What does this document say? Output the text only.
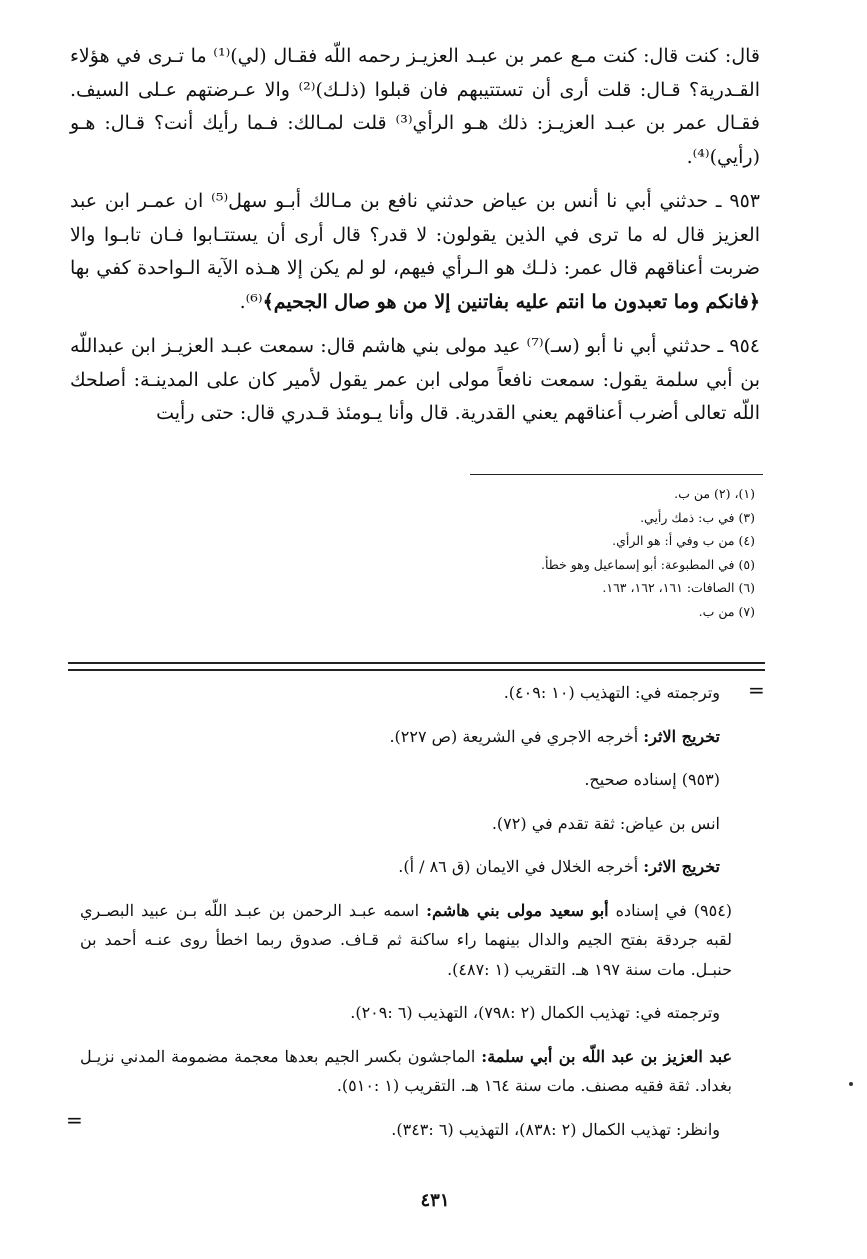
قال: كنت قال: كنت مـع عمر بن عبـد العزيـز رحمه اللّه فقـال (لي)⁽¹⁾ ما تـرى في هؤلاء القـدرية؟ قـال: قلت أرى أن تستتيبهم فان قبلوا (ذلـك)⁽²⁾ والا عـرضتهم عـلى السيف. فقـال عمر بن عبـد العزيـز: ذلك هـو الرأي⁽³⁾ قلت لمـالك: فـما رأيك أنت؟ قـال: هـو (رأيي)⁽⁴⁾.

٩٥٣ ـ حدثني أبي نا أنس بن عياض حدثني نافع بن مـالك أبـو سهل⁽⁵⁾ ان عمـر ابن عبد العزيز قال له ما ترى في الذين يقولون: لا قدر؟ قال أرى أن يستتـابوا فـان تابـوا والا ضربت أعناقهم قال عمر: ذلـك هو الـرأي فيهم، لو لم يكن إلا هـذه الآية الـواحدة كفي بها ﴿فانكم وما تعبدون ما انتم عليه بفاتنين إلا من هو صال الجحيم﴾⁽⁶⁾.

٩٥٤ ـ حدثني أبي نا أبو (سـ)⁽⁷⁾ عيد مولى بني هاشم قال: سمعت عبـد العزيـز ابن عبداللّه بن أبي سلمة يقول: سمعت نافعاً مولى ابن عمر يقول لأمير كان على المدينـة: أصلحك اللّه تعالى أضرب أعناقهم يعني القدرية. قال وأنا يـومئذ قـدري قال: حتى رأيت

(١)، (٢) من ب.
(٣) في ب: ذمك رأيي.
(٤) من ب وفي أ: هو الرأي.
(٥) في المطبوعة: أبو إسماعيل وهو خطأ.
(٦) الصافات: ١٦١، ١٦٢، ١٦٣.
(٧) من ب.
=

وترجمته في: التهذيب (١٠ :٤٠٩).

تخريج الاثر: أخرجه الاجري في الشريعة (ص ٢٢٧).

(٩٥٣) إسناده صحيح.

انس بن عياض: ثقة تقدم في (٧٢).

تخريج الاثر: أخرجه الخلال في الايمان (ق ٨٦ / أ).

(٩٥٤) في إسناده أبو سعيد مولى بني هاشم: اسمه عبـد الرحمن بن عبـد اللّه بـن عبيد البصـري لقبه جردقة بفتح الجيم والدال بينهما راء ساكنة ثم قـاف. صدوق ربما اخطأ روى عنـه أحمد بن حنبـل. مات سنة ١٩٧ هـ. التقريب (١ :٤٨٧).

وترجمته في: تهذيب الكمال (٢ :٧٩٨)، التهذيب (٦ :٢٠٩).

عبد العزيز بن عبد اللّه بن أبي سلمة: الماجشون بكسر الجيم بعدها معجمة مضمومة المدني نزيـل بغداد. ثقة فقيه مصنف. مات سنة ١٦٤ هـ. التقريب (١ :٥١٠).

وانظر: تهذيب الكمال (٢ :٨٣٨)، التهذيب (٦ :٣٤٣).

=
٤٣١
